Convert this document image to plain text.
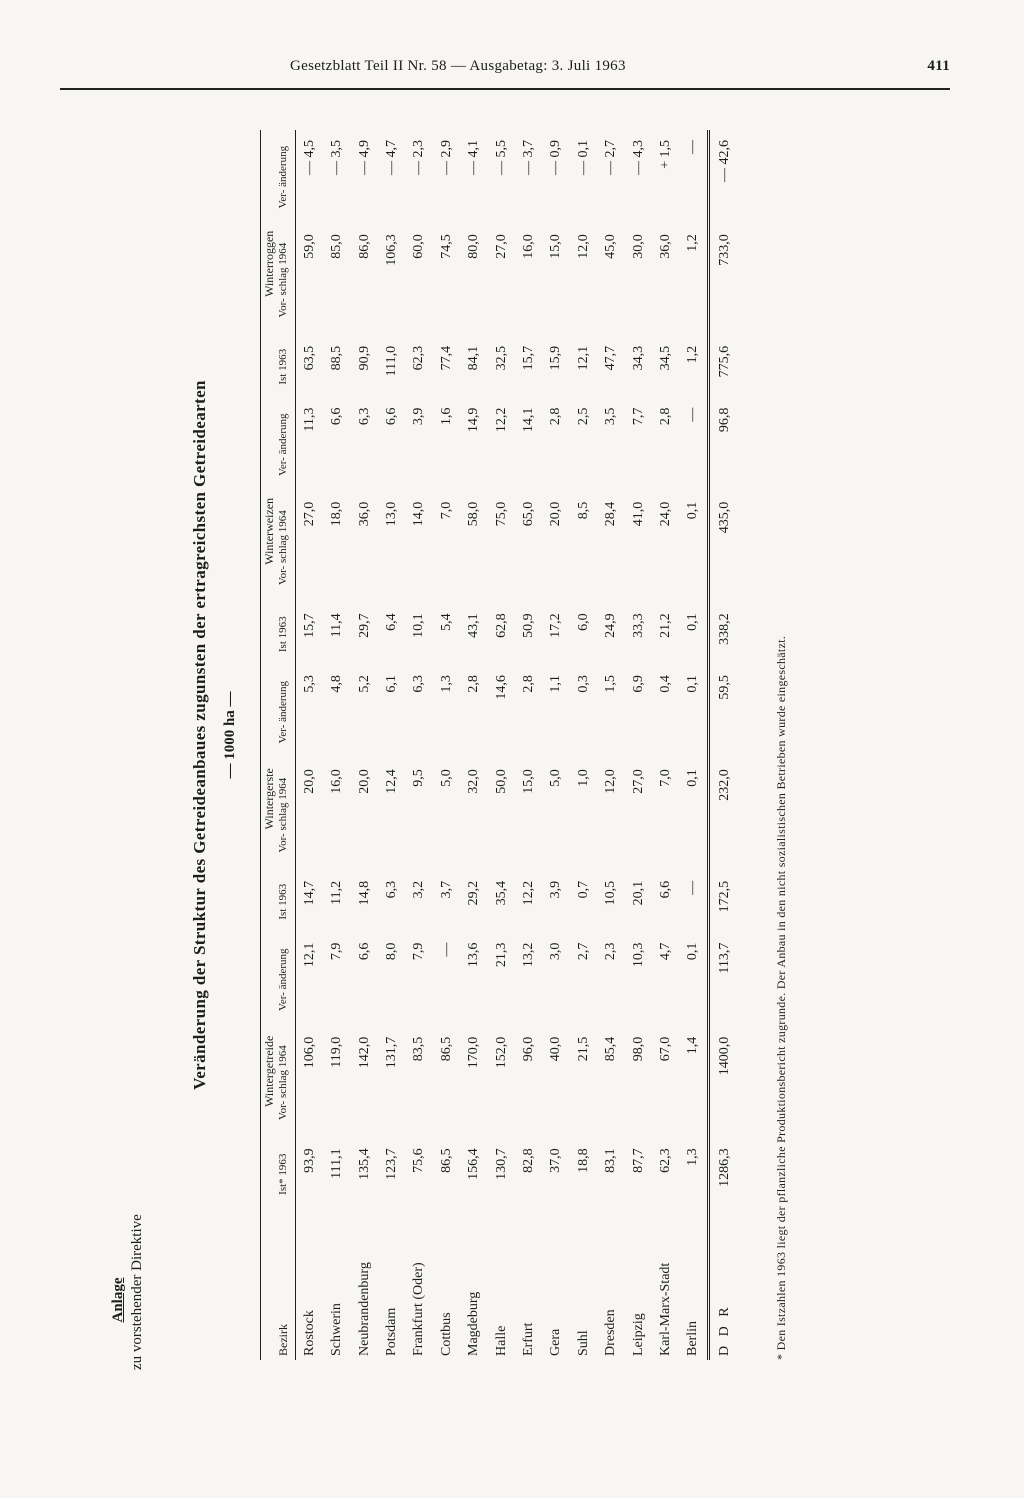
Gesetzblatt Teil II Nr. 58 — Ausgabetag: 3. Juli 1963	411
Anlage zu vorstehender Direktive
Veränderung der Struktur des Getreideanbaues zugunsten der ertragreichsten Getreidearten — 1000 ha —
Bezirk	Wintergetreide			Wintergerste			Winterweizen			Winterroggen		
	Ist* 1963	Vor- schlag 1964	Ver- änderung	Ist 1963	Vor- schlag 1964	Ver- änderung	Ist 1963	Vor- schlag 1964	Ver- änderung	Ist 1963	Vor- schlag 1964	Ver- änderung
Rostock	93,9	106,0	12,1	14,7	20,0	5,3	15,7	27,0	11,3	63,5	59,0	— 4,5
Schwerin	111,1	119,0	7,9	11,2	16,0	4,8	11,4	18,0	6,6	88,5	85,0	— 3,5
Neubrandenburg	135,4	142,0	6,6	14,8	20,0	5,2	29,7	36,0	6,3	90,9	86,0	— 4,9
Potsdam	123,7	131,7	8,0	6,3	12,4	6,1	6,4	13,0	6,6	111,0	106,3	— 4,7
Frankfurt (Oder)	75,6	83,5	7,9	3,2	9,5	6,3	10,1	14,0	3,9	62,3	60,0	— 2,3
Cottbus	86,5	86,5	—	3,7	5,0	1,3	5,4	7,0	1,6	77,4	74,5	— 2,9
Magdeburg	156,4	170,0	13,6	29,2	32,0	2,8	43,1	58,0	14,9	84,1	80,0	— 4,1
Halle	130,7	152,0	21,3	35,4	50,0	14,6	62,8	75,0	12,2	32,5	27,0	— 5,5
Erfurt	82,8	96,0	13,2	12,2	15,0	2,8	50,9	65,0	14,1	15,7	16,0	— 3,7
Gera	37,0	40,0	3,0	3,9	5,0	1,1	17,2	20,0	2,8	15,9	15,0	— 0,9
Suhl	18,8	21,5	2,7	0,7	1,0	0,3	6,0	8,5	2,5	12,1	12,0	— 0,1
Dresden	83,1	85,4	2,3	10,5	12,0	1,5	24,9	28,4	3,5	47,7	45,0	— 2,7
Leipzig	87,7	98,0	10,3	20,1	27,0	6,9	33,3	41,0	7,7	34,3	30,0	— 4,3
Karl-Marx-Stadt	62,3	67,0	4,7	6,6	7,0	0,4	21,2	24,0	2,8	34,5	36,0	+ 1,5
Berlin	1,3	1,4	0,1	—	0,1	0,1	0,1	0,1	—	1,2	1,2	—
D D R	1286,3	1400,0	113,7	172,5	232,0	59,5	338,2	435,0	96,8	775,6	733,0	— 42,6
* Den Istzahlen 1963 liegt der pflanzliche Produktionsbericht zugrunde. Der Anbau in den nicht sozialistischen Betrieben wurde eingeschätzt.
